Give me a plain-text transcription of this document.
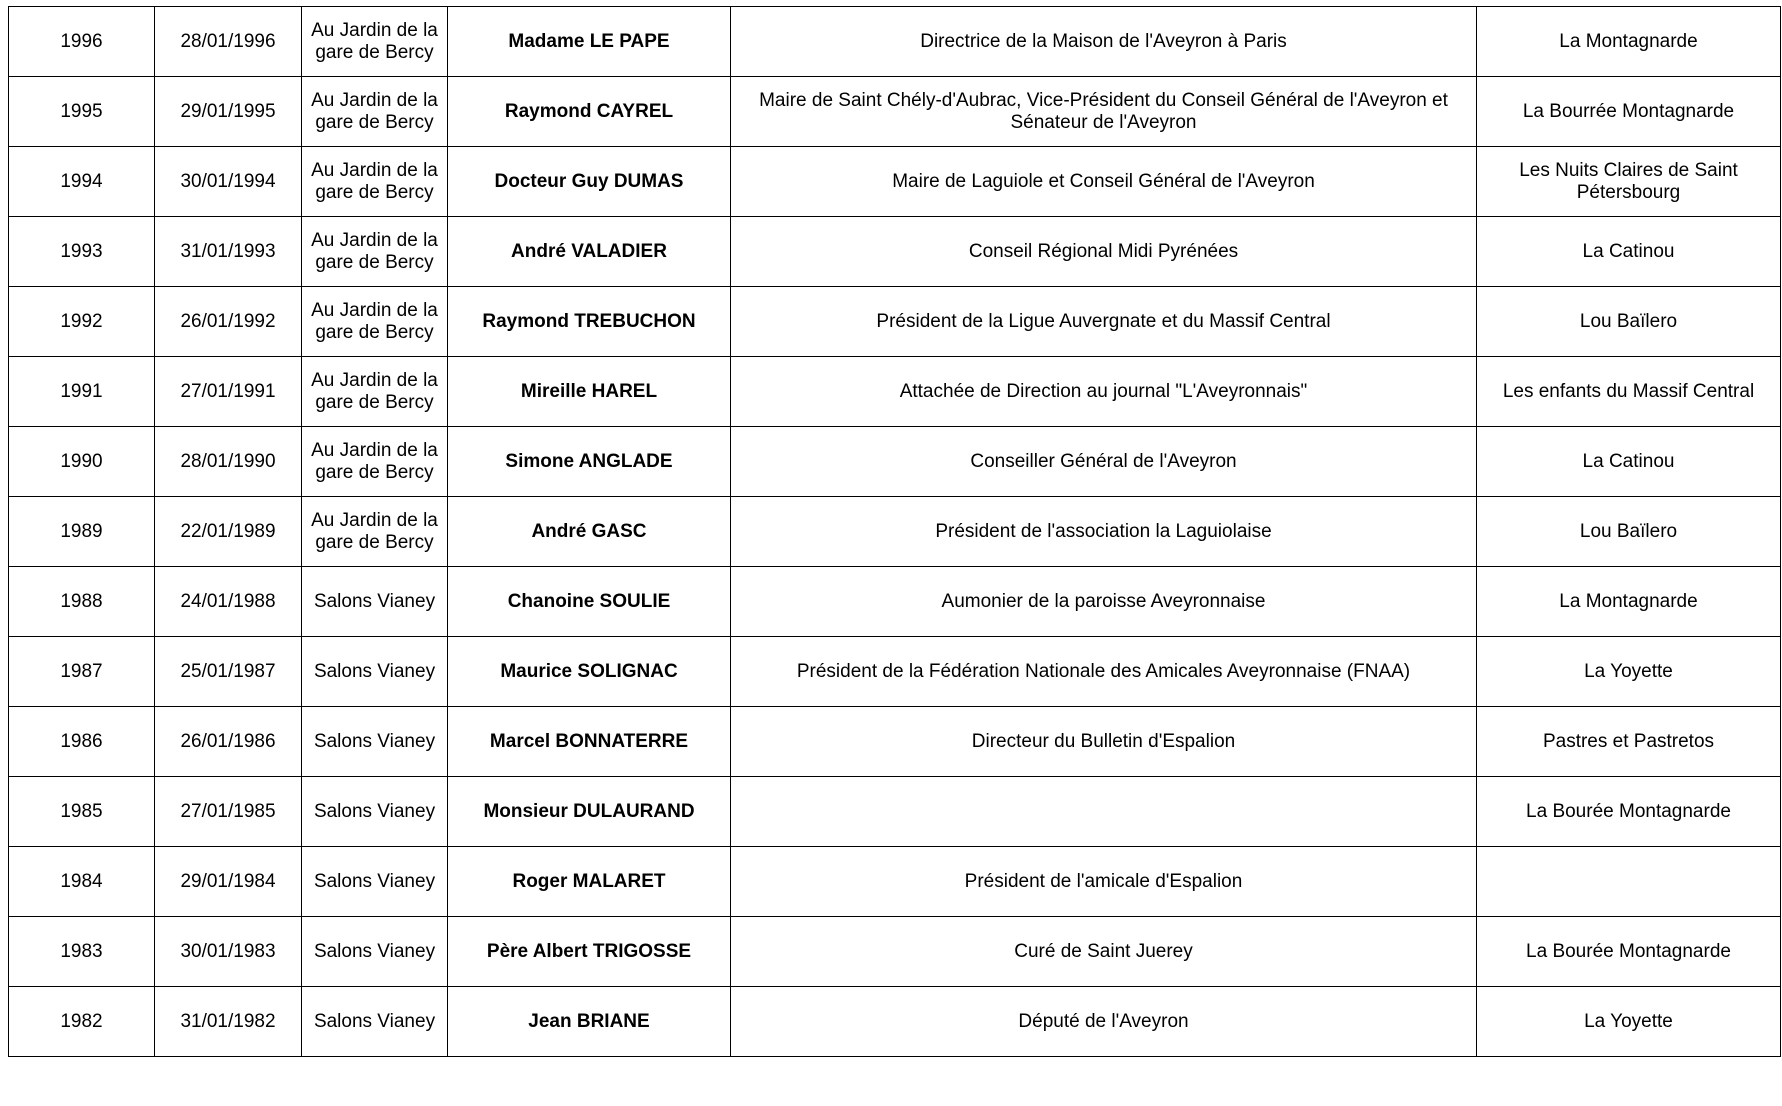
1996	28/01/1996	Au Jardin de la gare de Bercy	Madame LE PAPE	Directrice de la Maison de l'Aveyron à Paris	La Montagnarde
1995	29/01/1995	Au Jardin de la gare de Bercy	Raymond CAYREL	Maire de Saint Chély-d'Aubrac, Vice-Président du Conseil Général de l'Aveyron et Sénateur de l'Aveyron	La Bourrée Montagnarde
1994	30/01/1994	Au Jardin de la gare de Bercy	Docteur Guy DUMAS	Maire de Laguiole et Conseil Général de l'Aveyron	Les Nuits Claires de Saint Pétersbourg
1993	31/01/1993	Au Jardin de la gare de Bercy	André VALADIER	Conseil Régional Midi Pyrénées	La Catinou
1992	26/01/1992	Au Jardin de la gare de Bercy	Raymond TREBUCHON	Président de la Ligue Auvergnate et du Massif Central	Lou Baïlero
1991	27/01/1991	Au Jardin de la gare de Bercy	Mireille HAREL	Attachée de Direction au journal "L'Aveyronnais"	Les enfants du Massif Central
1990	28/01/1990	Au Jardin de la gare de Bercy	Simone ANGLADE	Conseiller Général de l'Aveyron	La Catinou
1989	22/01/1989	Au Jardin de la gare de Bercy	André GASC	Président de l'association la Laguiolaise	Lou Baïlero
1988	24/01/1988	Salons Vianey	Chanoine SOULIE	Aumonier de la paroisse Aveyronnaise	La Montagnarde
1987	25/01/1987	Salons Vianey	Maurice SOLIGNAC	Président de la Fédération Nationale des Amicales Aveyronnaise (FNAA)	La Yoyette
1986	26/01/1986	Salons Vianey	Marcel BONNATERRE	Directeur du Bulletin d'Espalion	Pastres et Pastretos
1985	27/01/1985	Salons Vianey	Monsieur DULAURAND		La Bourée Montagnarde
1984	29/01/1984	Salons Vianey	Roger MALARET	Président de l'amicale d'Espalion	
1983	30/01/1983	Salons Vianey	Père Albert TRIGOSSE	Curé de Saint Juerey	La Bourée Montagnarde
1982	31/01/1982	Salons Vianey	Jean BRIANE	Député de l'Aveyron	La Yoyette
